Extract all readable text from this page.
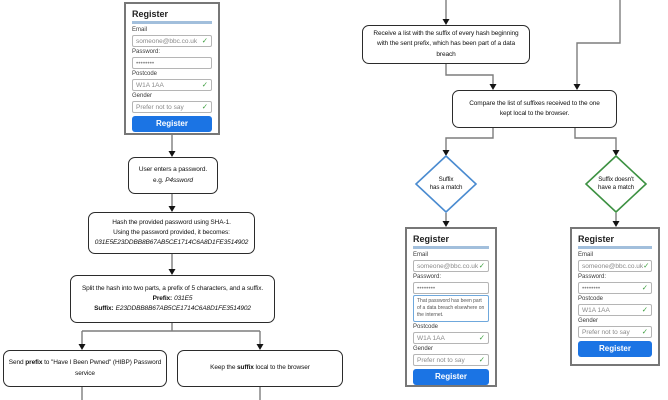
Register
Email
someone@bbc.co.uk ✓
Password:
••••••••
Postcode
W1A 1AA	✓
Gender
Prefer not to say ✓
Register
User enters a password.
e.g. P4ssword
Hash the provided password using SHA-1.
Using the password provided, it becomes:
031E5E23DDBB8B67AB5CE1714C6A8D1FE3514902
Split the hash into two parts, a prefix of 5 characters, and a suffix.
Prefix: 031E5
Suffix: E23DDBB8B67AB5CE1714C6A8D1FE3514902
Send prefix to "Have I Been Pwned" (HIBP) Password service
Keep the suffix local to the browser
Receive a list with the suffix of every hash beginning with the sent prefix, which has been part of a data breach
Compare the list of suffixes received to the one kept local to the browser.
Suffix
has a match
Suffix doesn't
have a match
Register
Email
someone@bbc.co.uk ✓
Password:
••••••••
That password has been part of a data breach elsewhere on the internet.
Postcode
W1A 1AA	✓
Gender
Prefer not to say ✓
Register
Register
Email
someone@bbc.co.uk ✓
Password:
••••••••	✓
Postcode
W1A 1AA	✓
Gender
Prefer not to say ✓
Register
